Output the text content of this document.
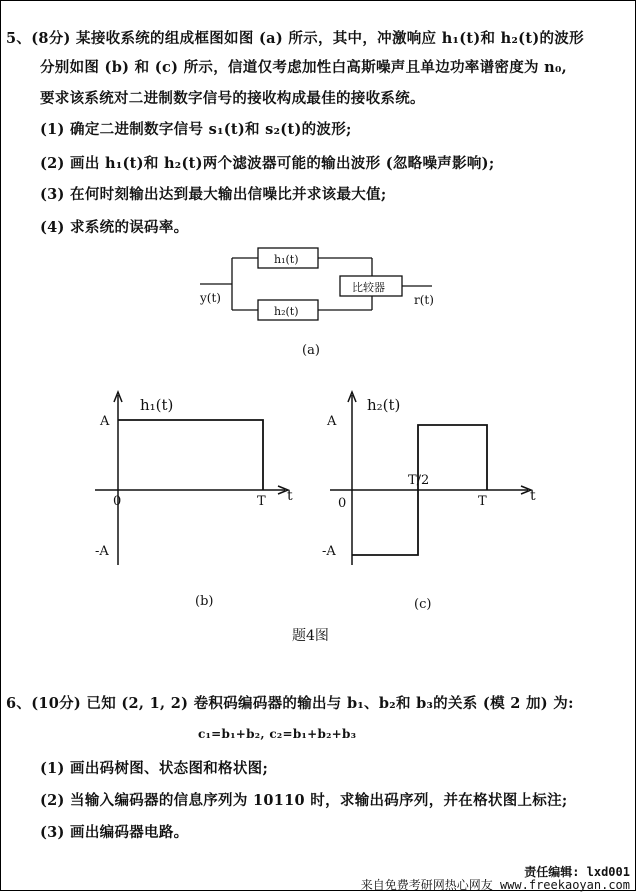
5、(8分) 某接收系统的组成框图如图 (a) 所示，其中，冲激响应 h₁(t)和 h₂(t)的波形
分别如图 (b) 和 (c) 所示，信道仅考虑加性白高斯噪声且单边功率谱密度为 n₀,
要求该系统对二进制数字信号的接收构成最佳的接收系统。
(1) 确定二进制数字信号 s₁(t)和 s₂(t)的波形;
(2) 画出 h₁(t)和 h₂(t)两个滤波器可能的输出波形 (忽略噪声影响);
(3) 在何时刻输出达到最大输出信噪比并求该最大值;
(4) 求系统的误码率。
y(t)
h₁(t)
h₂(t)
比较器
r(t)
(a)
h₁(t)
A
-A
0	T t
(b)
h₂(t)
A
-A
0
T/2
T	t
(c)
题4图
6、(10分) 已知 (2, 1, 2) 卷积码编码器的输出与 b₁、b₂和 b₃的关系 (模 2 加) 为:
c₁=b₁+b₂, c₂=b₁+b₂+b₃
(1) 画出码树图、状态图和格状图;
(2) 当输入编码器的信息序列为 10110 时，求输出码序列，并在格状图上标注;
(3) 画出编码器电路。
责任编辑: lxd001
来自免费考研网热心网友 www.freekaoyan.com
